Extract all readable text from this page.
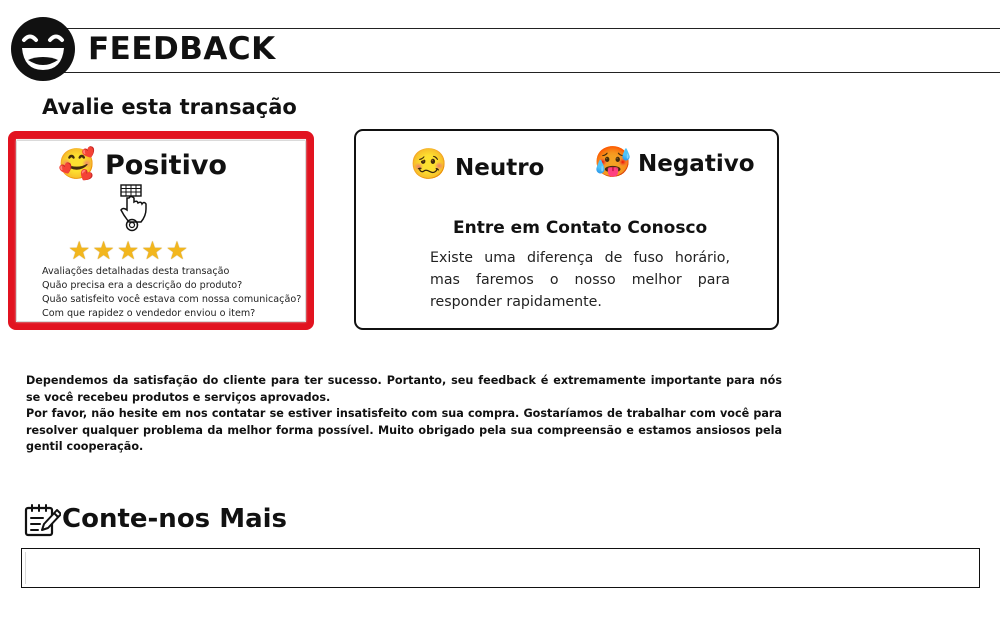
FEEDBACK
Avalie esta transação
🥰 Positivo
★ ★ ★ ★ ★
Avaliações detalhadas desta transação
Quão precisa era a descrição do produto?
Quão satisfeito você estava com nossa comunicação?
Com que rapidez o vendedor enviou o item?
🥴 Neutro 🥵 Negativo
Entre em Contato Conosco
Existe uma diferença de fuso horário, mas faremos o nosso melhor para responder rapidamente.

Dependemos da satisfação do cliente para ter sucesso. Portanto, seu feedback é extremamente importante para nós se você recebeu produtos e serviços aprovados.

Por favor, não hesite em nos contatar se estiver insatisfeito com sua compra. Gostaríamos de trabalhar com você para resolver qualquer problema da melhor forma possível. Muito obrigado pela sua compreensão e estamos ansiosos pela gentil cooperação.

Conte-nos Mais
